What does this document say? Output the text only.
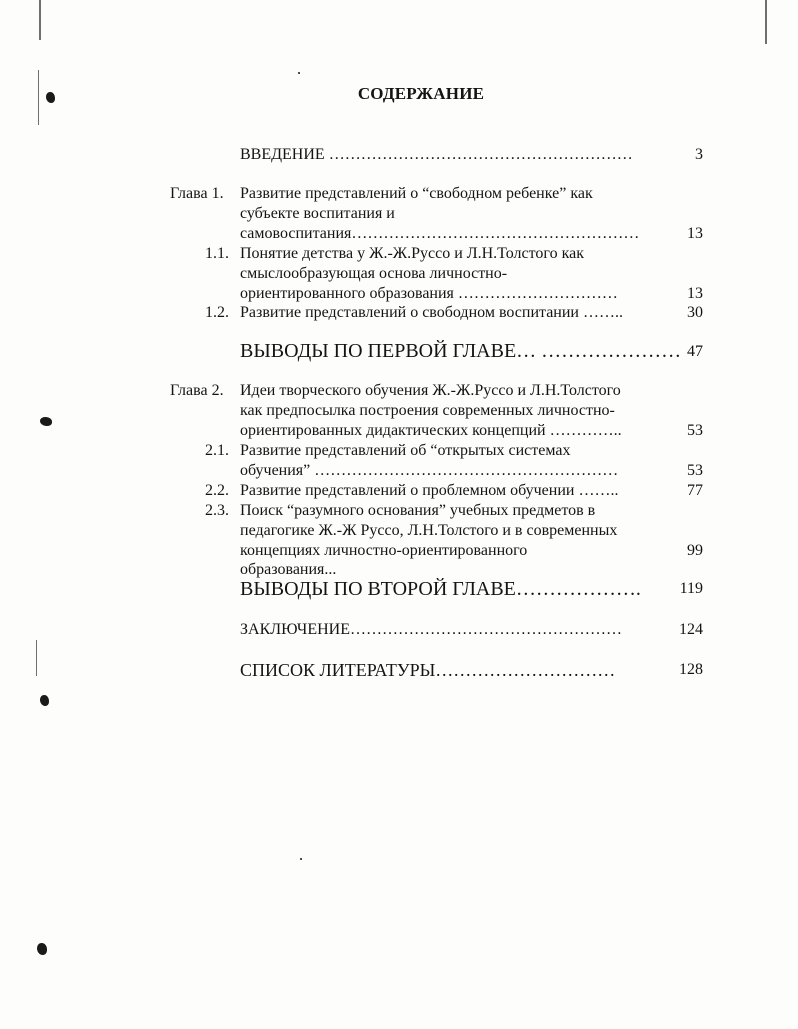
СОДЕРЖАНИЕ
ВВЕДЕНИЕ …………………………………………………	3
Глава 1. Развитие представлений о “свободном ребенке” как
субъекте воспитания и
самовоспитания………………………………………………	13
1.1. Понятие детства у Ж.-Ж.Руссо и Л.Н.Толстого как
смыслообразующая основа личностно-
ориентированного образования …………………………	13
1.2. Развитие представлений о свободном воспитании ……..	30
ВЫВОДЫ ПО ПЕРВОЙ ГЛАВЕ… ………………… 47
Глава 2. Идеи творческого обучения Ж.-Ж.Руссо и Л.Н.Толстого
как предпосылка построения современных личностно-
ориентированных дидактических концепций …………..	53
2.1. Развитие представлений об “открытых системах
обучения” …………………………………………………	53
2.2. Развитие представлений о проблемном обучении ……..	77
2.3. Поиск “разумного основания” учебных предметов в
педагогике Ж.-Ж Руссо, Л.Н.Толстого и в современных
концепциях личностно-ориентированного	99
образования...
ВЫВОДЫ ПО ВТОРОЙ ГЛАВЕ……………….	119
ЗАКЛЮЧЕНИЕ……………………………………………	124
СПИСОК ЛИТЕРАТУРЫ…………………………	128
